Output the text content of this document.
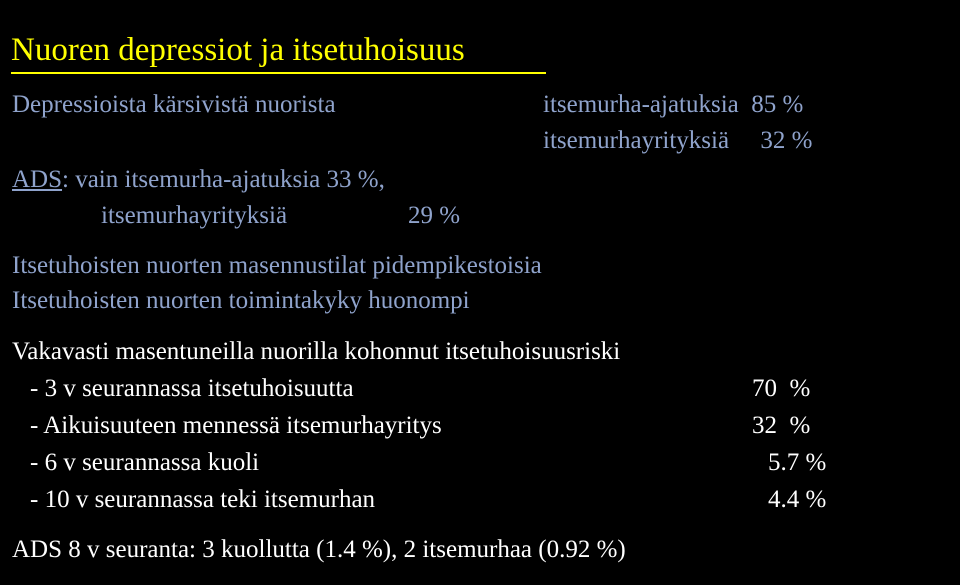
Nuoren depressiot ja itsetuhoisuus
Depressioista kärsivistä nuorista	itsemurha-ajatuksia  85 %
itsemurhayrityksiä     32 %
ADS: vain itsemurha-ajatuksia 33 %,
itsemurhayrityksiä	29 %
Itsetuhoisten nuorten masennustilat pidempikestoisia
Itsetuhoisten nuorten toimintakyky huonompi
Vakavasti masentuneilla nuorilla kohonnut itsetuhoisuusriski
- 3 v seurannassa itsetuhoisuutta	70  %
- Aikuisuuteen mennessä itsemurhayritys	32  %
- 6 v seurannassa kuoli	5.7 %
- 10 v seurannassa teki itsemurhan	4.4 %
ADS 8 v seuranta: 3 kuollutta (1.4 %), 2 itsemurhaa (0.92 %)
